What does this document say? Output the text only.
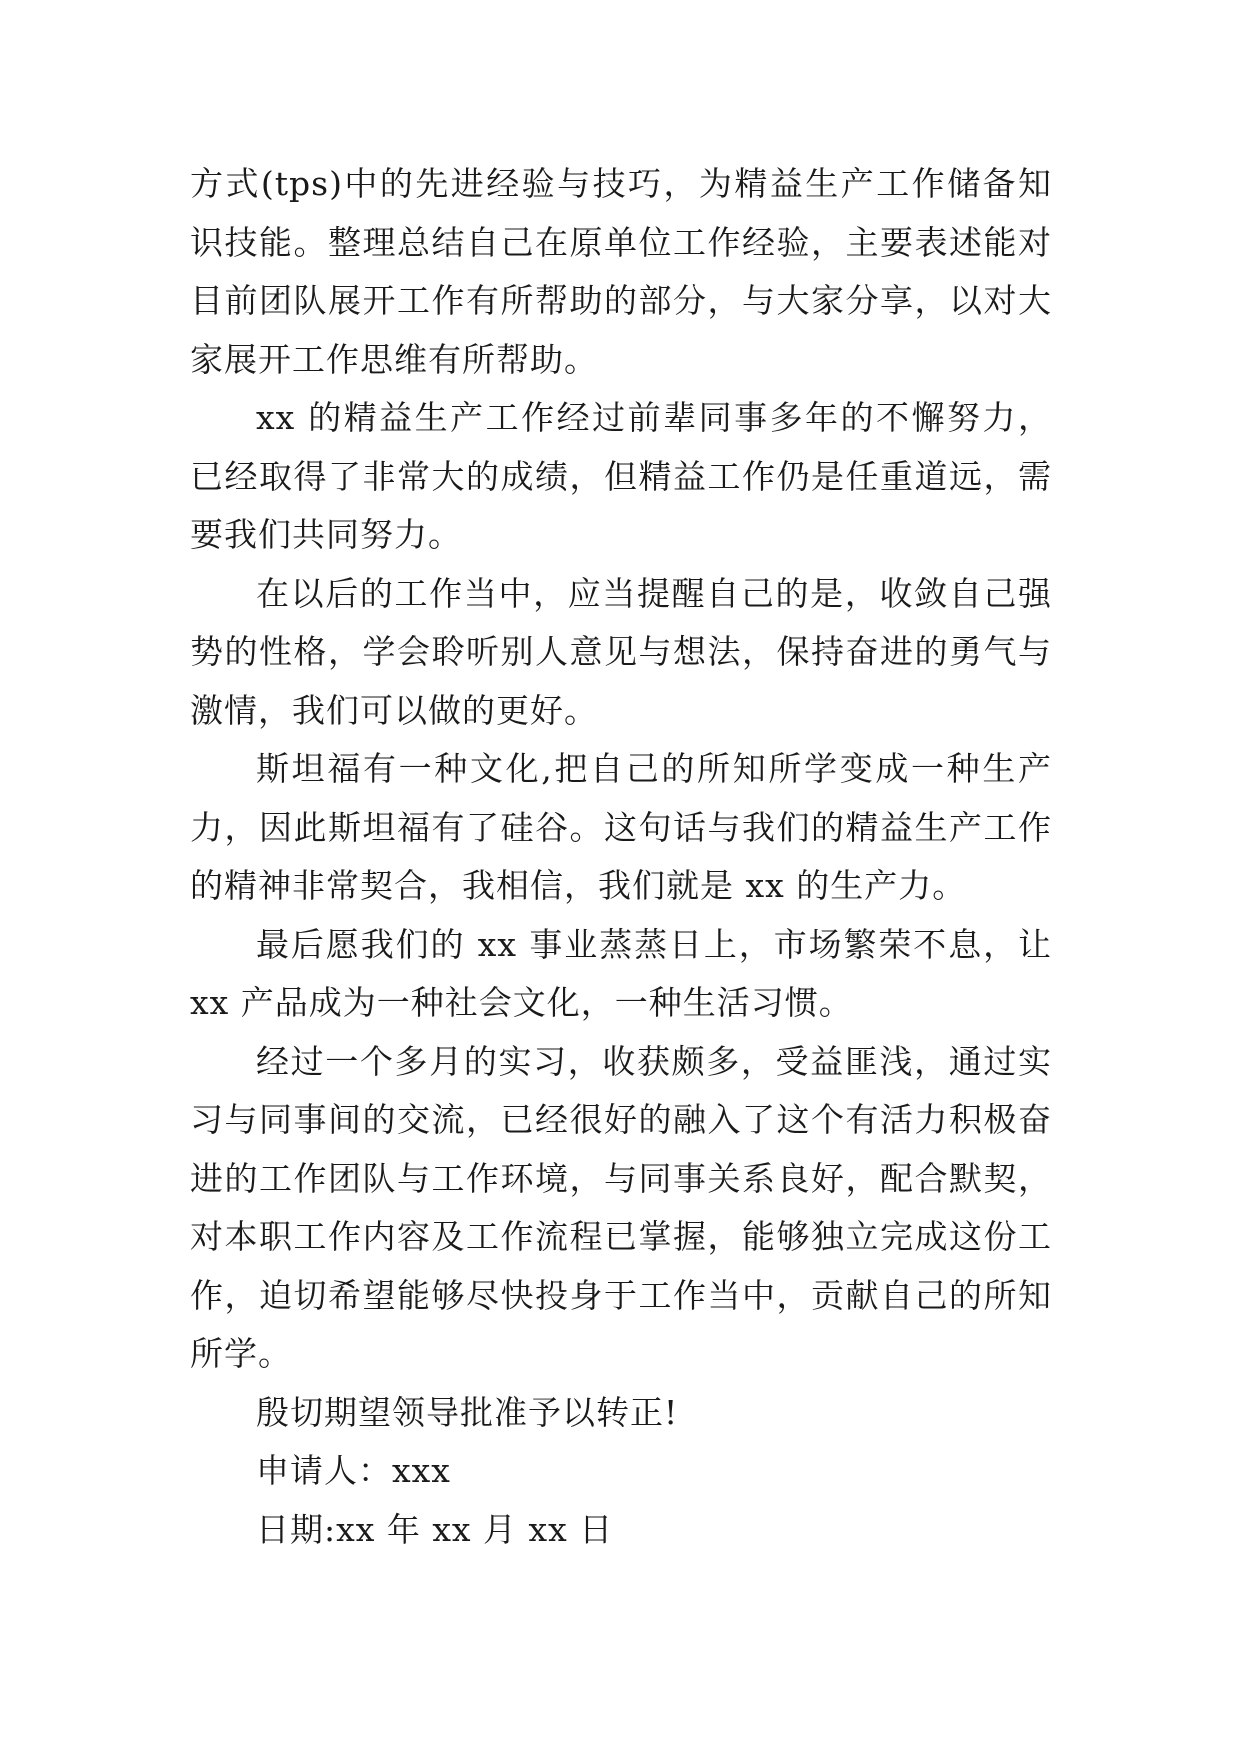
方式(tps)中的先进经验与技巧，为精益生产工作储备知识技能。整理总结自己在原单位工作经验，主要表述能对目前团队展开工作有所帮助的部分，与大家分享，以对大家展开工作思维有所帮助。

xx 的精益生产工作经过前辈同事多年的不懈努力，已经取得了非常大的成绩，但精益工作仍是任重道远，需要我们共同努力。

在以后的工作当中，应当提醒自己的是，收敛自己强势的性格，学会聆听别人意见与想法，保持奋进的勇气与激情，我们可以做的更好。

斯坦福有一种文化,把自己的所知所学变成一种生产力，因此斯坦福有了硅谷。这句话与我们的精益生产工作的精神非常契合，我相信，我们就是 xx 的生产力。

最后愿我们的 xx 事业蒸蒸日上，市场繁荣不息，让 xx 产品成为一种社会文化，一种生活习惯。

经过一个多月的实习，收获颇多，受益匪浅，通过实习与同事间的交流，已经很好的融入了这个有活力积极奋进的工作团队与工作环境，与同事关系良好，配合默契，对本职工作内容及工作流程已掌握，能够独立完成这份工作，迫切希望能够尽快投身于工作当中，贡献自己的所知所学。

殷切期望领导批准予以转正!

申请人：xxx

日期:xx 年 xx 月 xx 日
